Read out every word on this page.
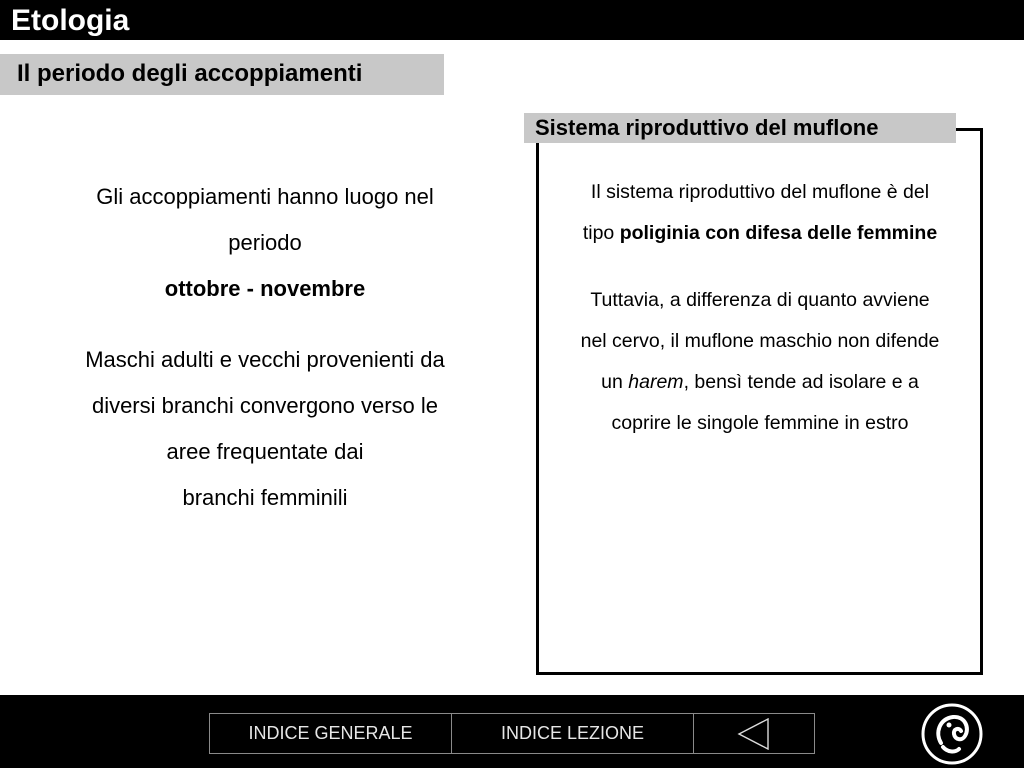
Etologia
Il periodo degli accoppiamenti

Gli accoppiamenti hanno luogo nel

periodo

ottobre - novembre

Maschi adulti e vecchi provenienti da

diversi branchi convergono verso le

aree frequentate dai

branchi femminili

Sistema riproduttivo del muflone

Il sistema riproduttivo del muflone è del

tipo poliginia con difesa delle femmine

Tuttavia, a differenza di quanto avviene

nel cervo, il muflone maschio non difende

un harem, bensì tende ad isolare e a

coprire le singole femmine in estro

INDICE GENERALE	INDICE LEZIONE
